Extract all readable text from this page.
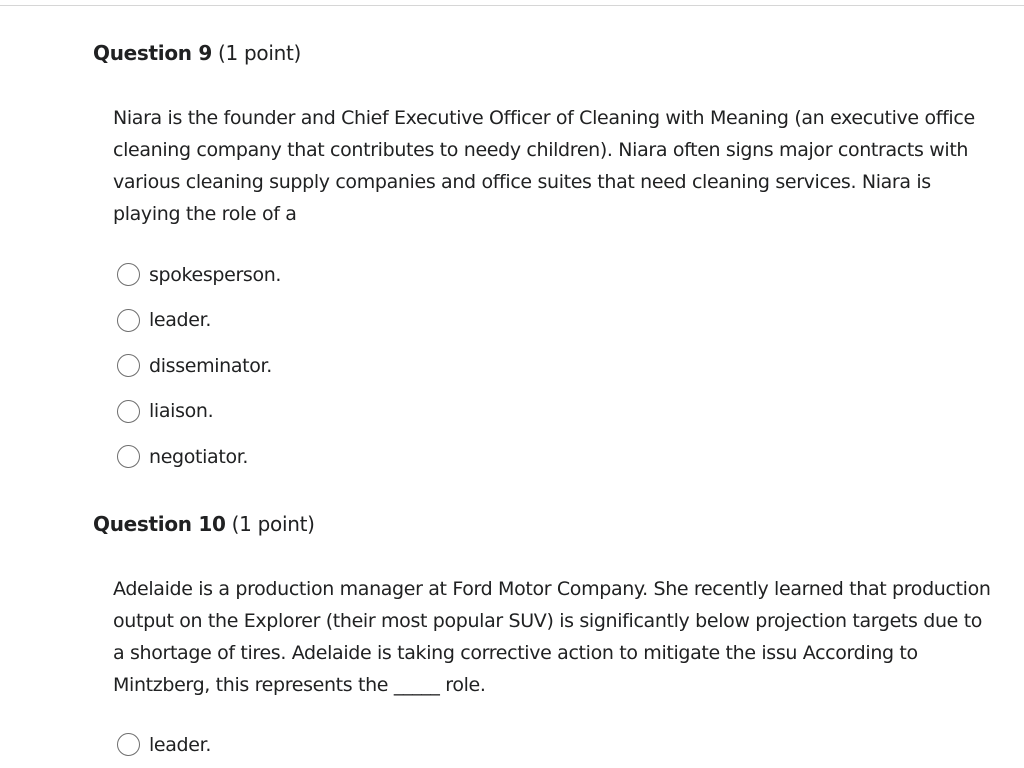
Question 9 (1 point)

Niara is the founder and Chief Executive Officer of Cleaning with Meaning (an executive office cleaning company that contributes to needy children). Niara often signs major contracts with various cleaning supply companies and office suites that need cleaning services. Niara is playing the role of a

spokesperson.
leader.
disseminator.
liaison.
negotiator.
Question 10 (1 point)

Adelaide is a production manager at Ford Motor Company. She recently learned that production output on the Explorer (their most popular SUV) is significantly below projection targets due to a shortage of tires. Adelaide is taking corrective action to mitigate the issu According to Mintzberg, this represents the _____ role.

leader.
